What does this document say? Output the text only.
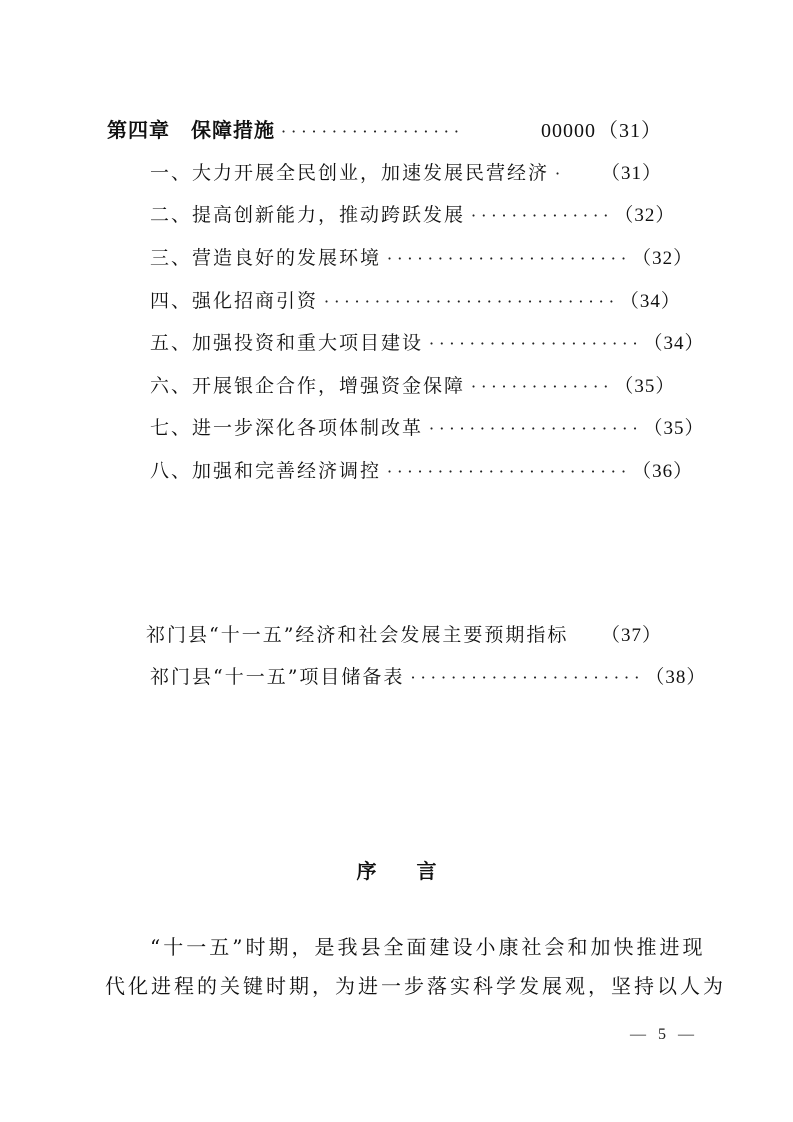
第四章　保障措施 · · · · · · · · · · · · · · · · · ·	00000 （31）
一、大力开展全民创业，加速发展民营经济 ·	（31）
二、提高创新能力，推动跨跃发展 · · · · · · · · · · · · · · （32）
三、营造良好的发展环境 · · · · · · · · · · · · · · · · · · · · · · · · （32）
四、强化招商引资 · · · · · · · · · · · · · · · · · · · · · · · · · · · · · （34）
五、加强投资和重大项目建设 · · · · · · · · · · · · · · · · · · · · · （34）
六、开展银企合作，增强资金保障 · · · · · · · · · · · · · · （35）
七、进一步深化各项体制改革 · · · · · · · · · · · · · · · · · · · · · （35）
八、加强和完善经济调控 · · · · · · · · · · · · · · · · · · · · · · · · （36）
祁门县“十一五”经济和社会发展主要预期指标 （37）
祁门县“十一五”项目储备表 · · · · · · · · · · · · · · · · · · · · · · · （38）
序言
“十一五”时期，是我县全面建设小康社会和加快推进现
代化进程的关键时期，为进一步落实科学发展观，坚持以人为
— 5 —
